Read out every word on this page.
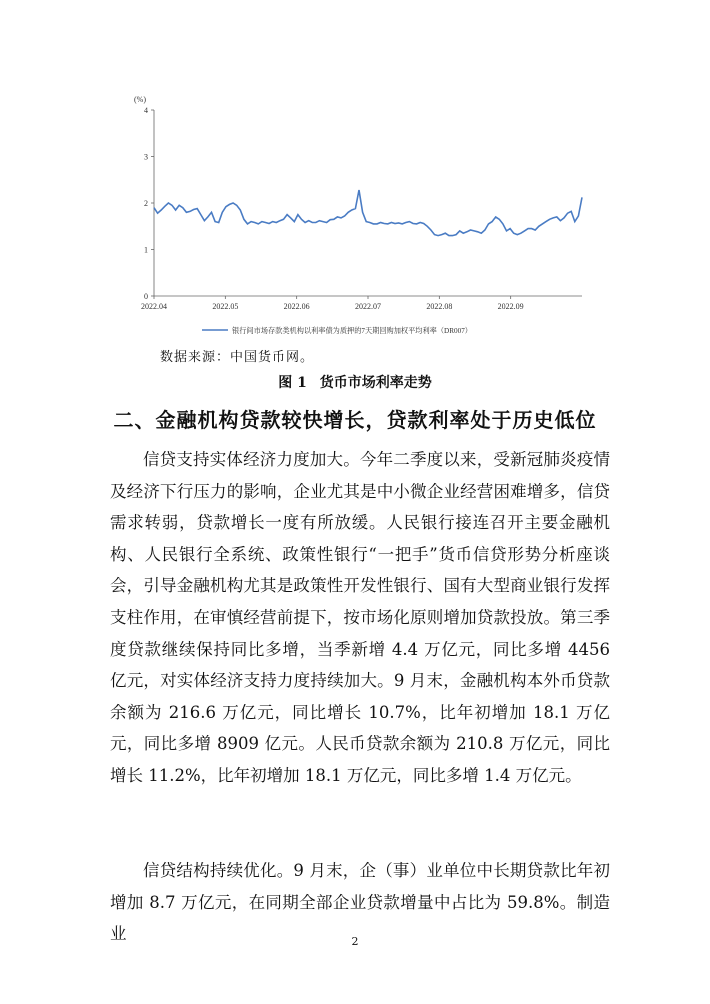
(%)
0
1
2
3
4
2022.04	2022.05	2022.06	2022.07	2022.08	2022.09
银行间市场存款类机构以利率债为质押的7天期回购加权平均利率（DR007）
数据来源：中国货币网。
图 1 货币市场利率走势
二、金融机构贷款较快增长，贷款利率处于历史低位
信贷支持实体经济力度加大。今年二季度以来，受新冠肺炎疫情及经济下行压力的影响，企业尤其是中小微企业经营困难增多，信贷需求转弱，贷款增长一度有所放缓。人民银行接连召开主要金融机构、人民银行全系统、政策性银行“一把手”货币信贷形势分析座谈会，引导金融机构尤其是政策性开发性银行、国有大型商业银行发挥支柱作用，在审慎经营前提下，按市场化原则增加贷款投放。第三季度贷款继续保持同比多增，当季新增 4.4 万亿元，同比多增 4456 亿元，对实体经济支持力度持续加大。9 月末，金融机构本外币贷款余额为 216.6 万亿元，同比增长 10.7%，比年初增加 18.1 万亿元，同比多增 8909 亿元。人民币贷款余额为 210.8 万亿元，同比增长 11.2%，比年初增加 18.1 万亿元，同比多增 1.4 万亿元。
信贷结构持续优化。9 月末，企（事）业单位中长期贷款比年初增加 8.7 万亿元，在同期全部企业贷款增量中占比为 59.8%。制造业	2
